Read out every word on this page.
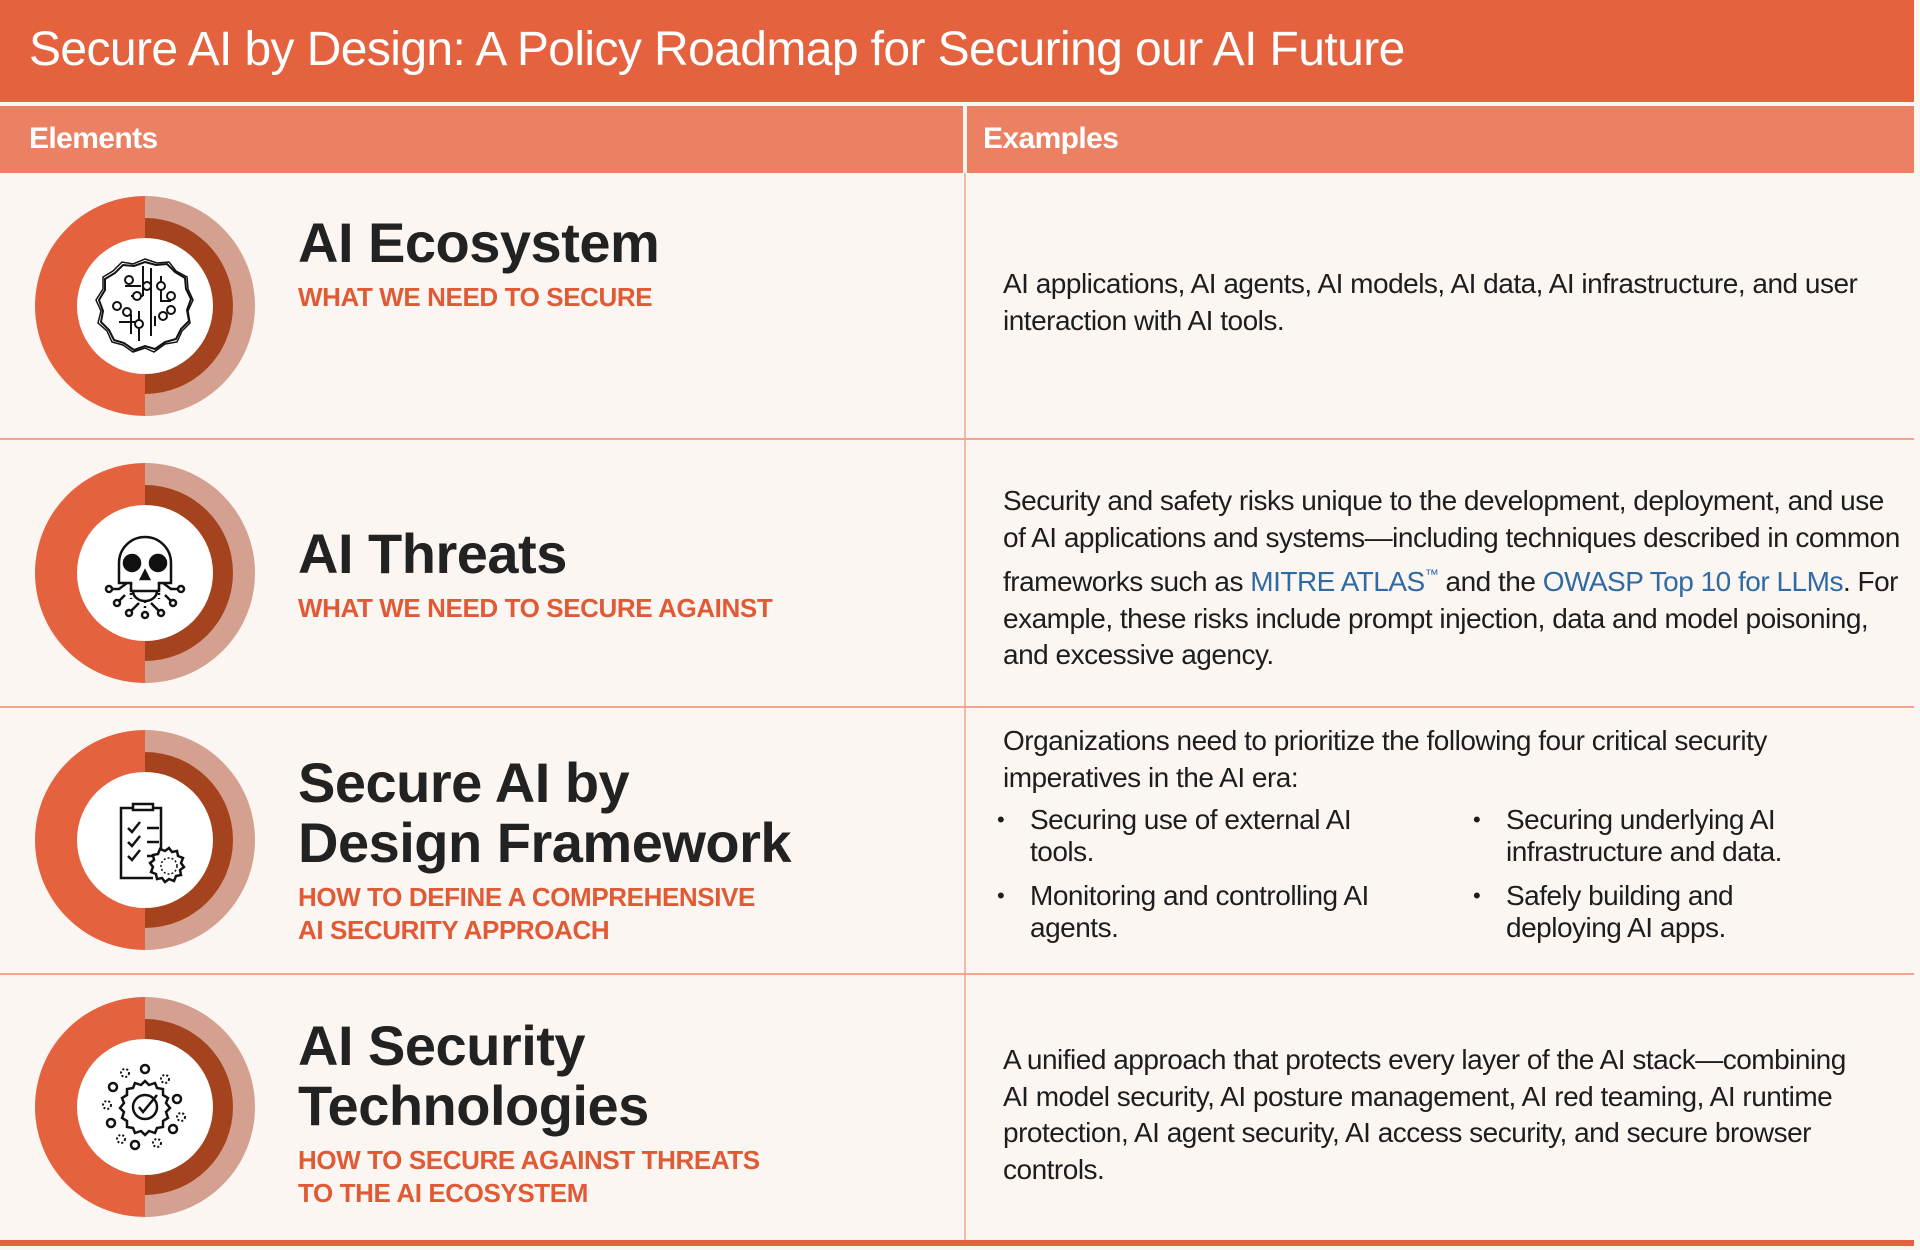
Secure AI by Design: A Policy Roadmap for Securing our AI Future
Elements	Examples
AI Ecosystem
WHAT WE NEED TO SECURE	AI applications, AI agents, AI models, AI data, AI infrastructure, and user interaction with AI tools.
AI Threats
WHAT WE NEED TO SECURE AGAINST
Security and safety risks unique to the development, deployment, and use of AI applications and systems—including techniques described in common frameworks such as MITRE ATLAS™ and the OWASP Top 10 for LLMs. For example, these risks include prompt injection, data and model poisoning, and excessive agency.
Secure AI by
Design Framework
HOW TO DEFINE A COMPREHENSIVE
AI SECURITY APPROACH
Organizations need to prioritize the following four critical security imperatives in the AI era:
• Securing use of external AI tools.
• Securing underlying AI infrastructure and data.
• Monitoring and controlling AI agents.
• Safely building and deploying AI apps.
AI Security
Technologies
HOW TO SECURE AGAINST THREATS
TO THE AI ECOSYSTEM
A unified approach that protects every layer of the AI stack—combining AI model security, AI posture management, AI red teaming, AI runtime protection, AI agent security, AI access security, and secure browser controls.
